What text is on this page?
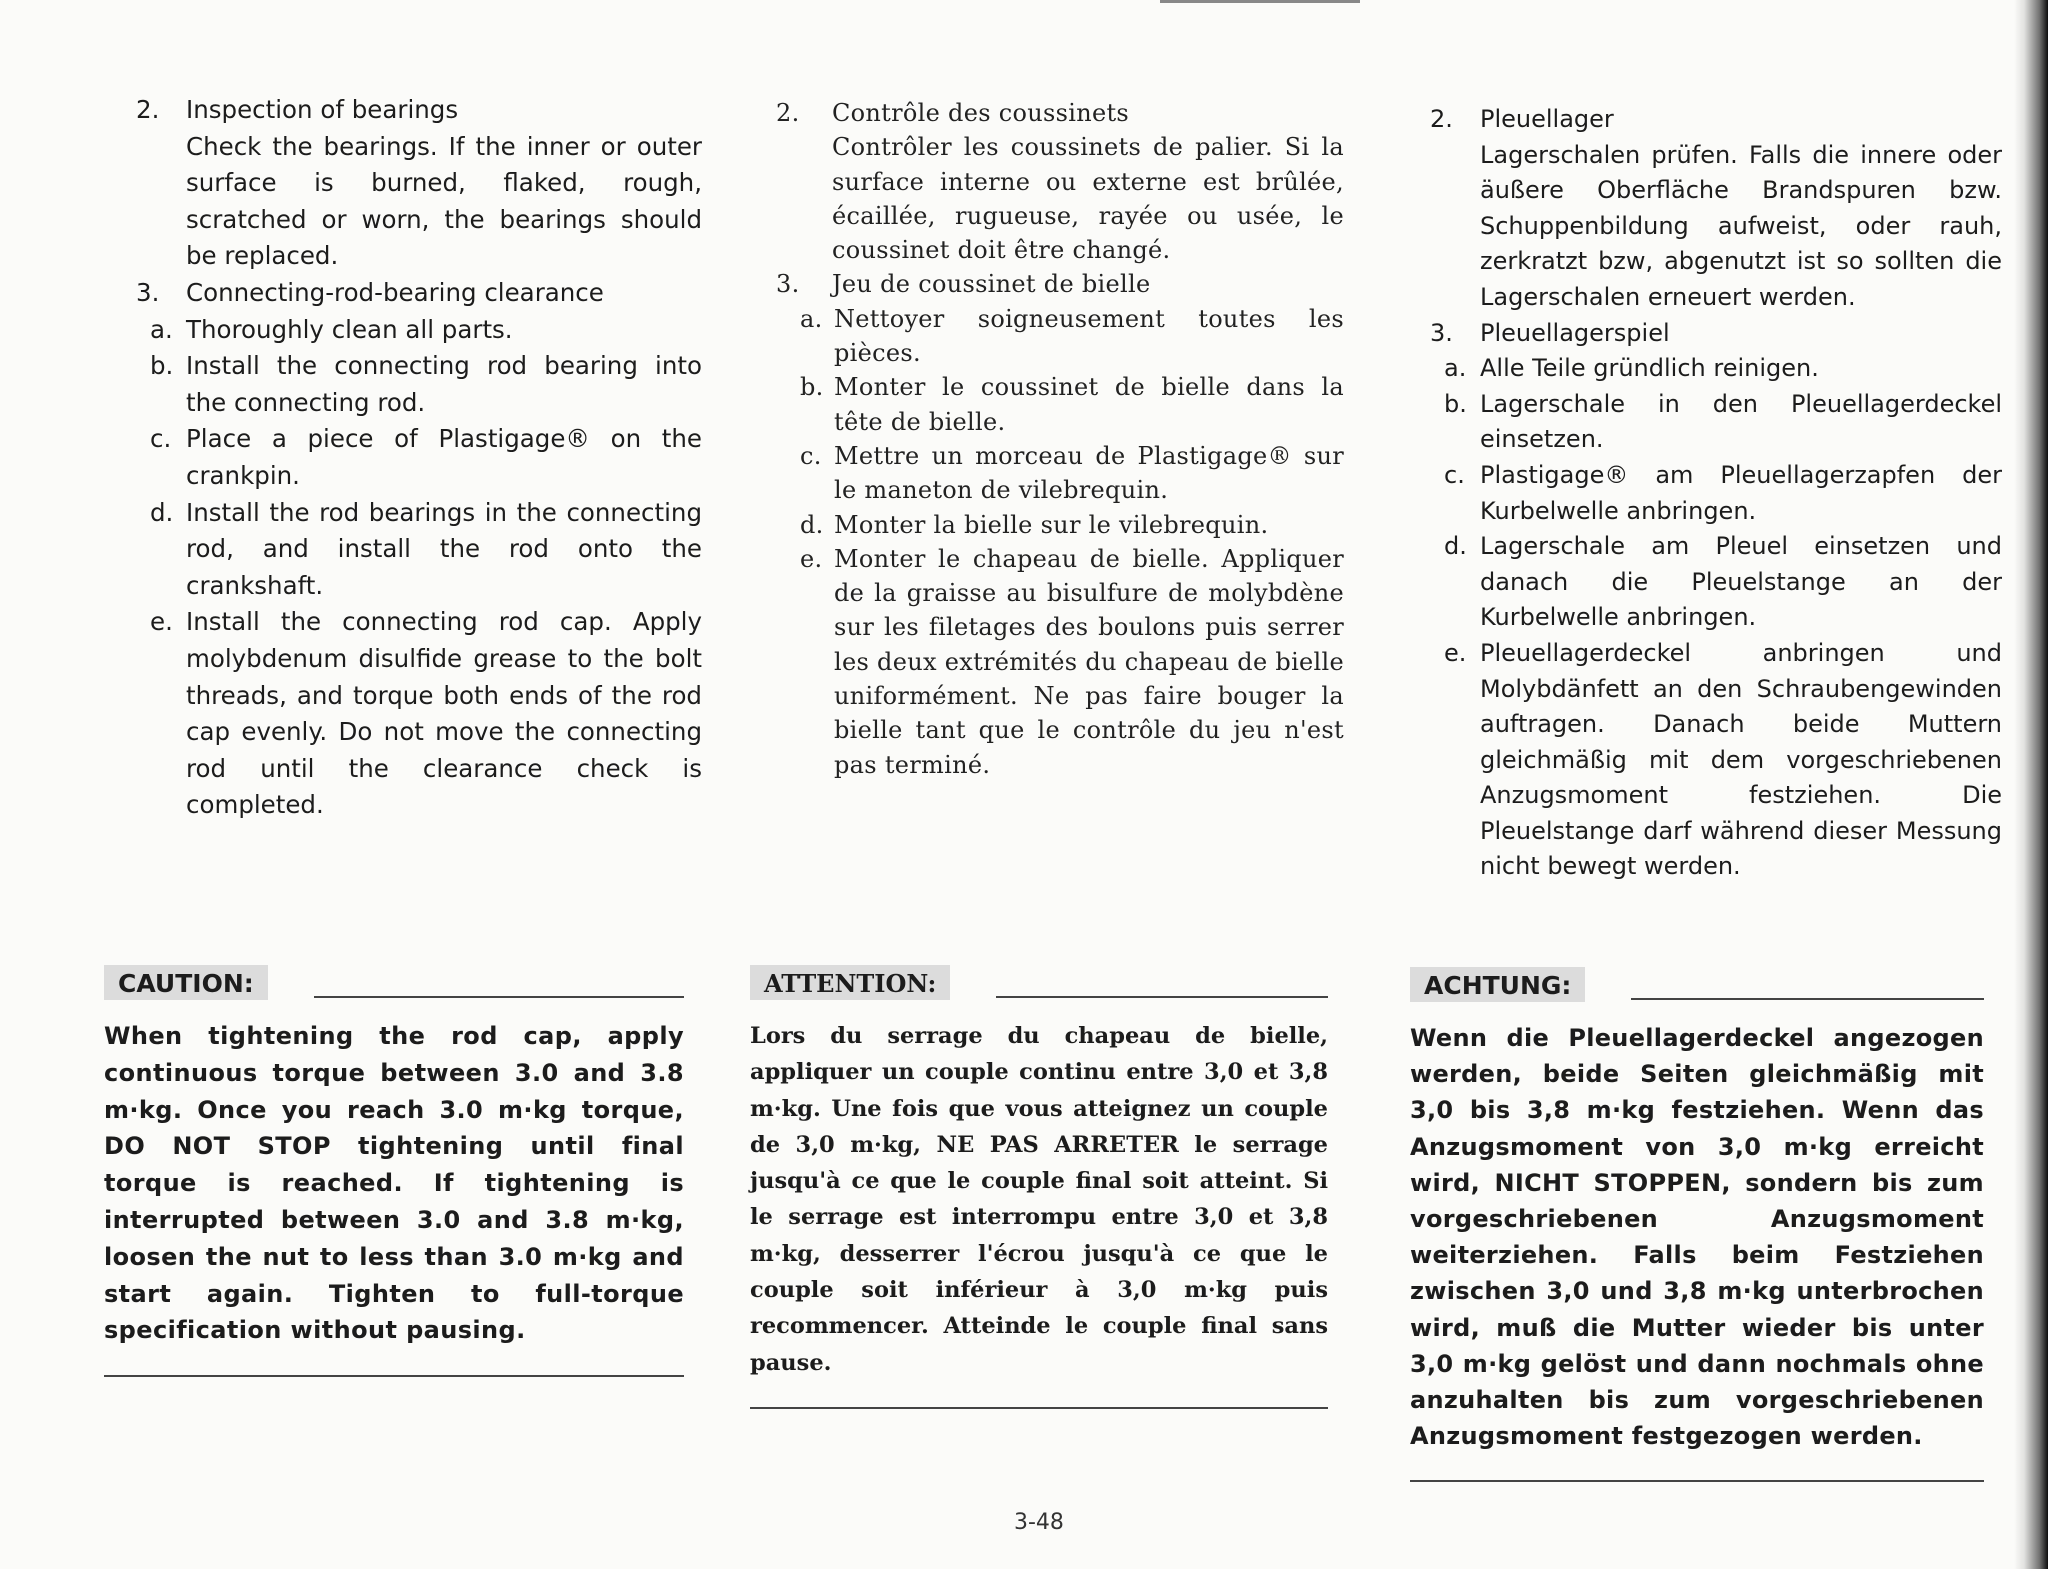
2. Inspection of bearings
Check the bearings. If the inner or outer surface is burned, flaked, rough, scratched or worn, the bearings should be replaced.
3. Connecting-rod-bearing clearance
a. Thoroughly clean all parts.
b. Install the connecting rod bearing into the connecting rod.
c. Place a piece of Plastigage® on the crankpin.
d. Install the rod bearings in the connecting rod, and install the rod onto the crankshaft.
e. Install the connecting rod cap. Apply molybdenum disulfide grease to the bolt threads, and torque both ends of the rod cap evenly. Do not move the connecting rod until the clearance check is completed.
2. Contrôle des coussinets
Contrôler les coussinets de palier. Si la surface interne ou externe est brûlée, écaillée, rugueuse, rayée ou usée, le coussinet doit être changé.
3. Jeu de coussinet de bielle
a. Nettoyer soigneusement toutes les pièces.
b. Monter le coussinet de bielle dans la tête de bielle.
c. Mettre un morceau de Plastigage® sur le maneton de vilebrequin.
d. Monter la bielle sur le vilebrequin.
e. Monter le chapeau de bielle. Appliquer de la graisse au bisulfure de molybdène sur les filetages des boulons puis serrer les deux extrémités du chapeau de bielle uniformément. Ne pas faire bouger la bielle tant que le contrôle du jeu n'est pas terminé.
2. Pleuellager
Lagerschalen prüfen. Falls die innere oder äußere Oberfläche Brandspuren bzw. Schuppenbildung aufweist, oder rauh, zerkratzt bzw, abgenutzt ist so sollten die Lagerschalen erneuert werden.
3. Pleuellagerspiel
a. Alle Teile gründlich reinigen.
b. Lagerschale in den Pleuellagerdeckel einsetzen.
c. Plastigage® am Pleuellagerzapfen der Kurbelwelle anbringen.
d. Lagerschale am Pleuel einsetzen und danach die Pleuelstange an der Kurbelwelle anbringen.
e. Pleuellagerdeckel anbringen und Molybdänfett an den Schraubengewinden auftragen. Danach beide Muttern gleichmäßig mit dem vorgeschriebenen Anzugsmoment festziehen. Die Pleuelstange darf während dieser Messung nicht bewegt werden.
CAUTION:
When tightening the rod cap, apply continuous torque between 3.0 and 3.8 m·kg. Once you reach 3.0 m·kg torque, DO NOT STOP tightening until final torque is reached. If tightening is interrupted between 3.0 and 3.8 m·kg, loosen the nut to less than 3.0 m·kg and start again. Tighten to full-torque specification without pausing.
ATTENTION:
Lors du serrage du chapeau de bielle, appliquer un couple continu entre 3,0 et 3,8 m·kg. Une fois que vous atteignez un couple de 3,0 m·kg, NE PAS ARRETER le serrage jusqu'à ce que le couple final soit atteint. Si le serrage est interrompu entre 3,0 et 3,8 m·kg, desserrer l'écrou jusqu'à ce que le couple soit inférieur à 3,0 m·kg puis recommencer. Atteinde le couple final sans pause.
ACHTUNG:
Wenn die Pleuellagerdeckel angezogen werden, beide Seiten gleichmäßig mit 3,0 bis 3,8 m·kg festziehen. Wenn das Anzugsmoment von 3,0 m·kg erreicht wird, NICHT STOPPEN, sondern bis zum vorgeschriebenen Anzugsmoment weiterziehen. Falls beim Festziehen zwischen 3,0 und 3,8 m·kg unterbrochen wird, muß die Mutter wieder bis unter 3,0 m·kg gelöst und dann nochmals ohne anzuhalten bis zum vorgeschriebenen Anzugsmoment festgezogen werden.
3-48
